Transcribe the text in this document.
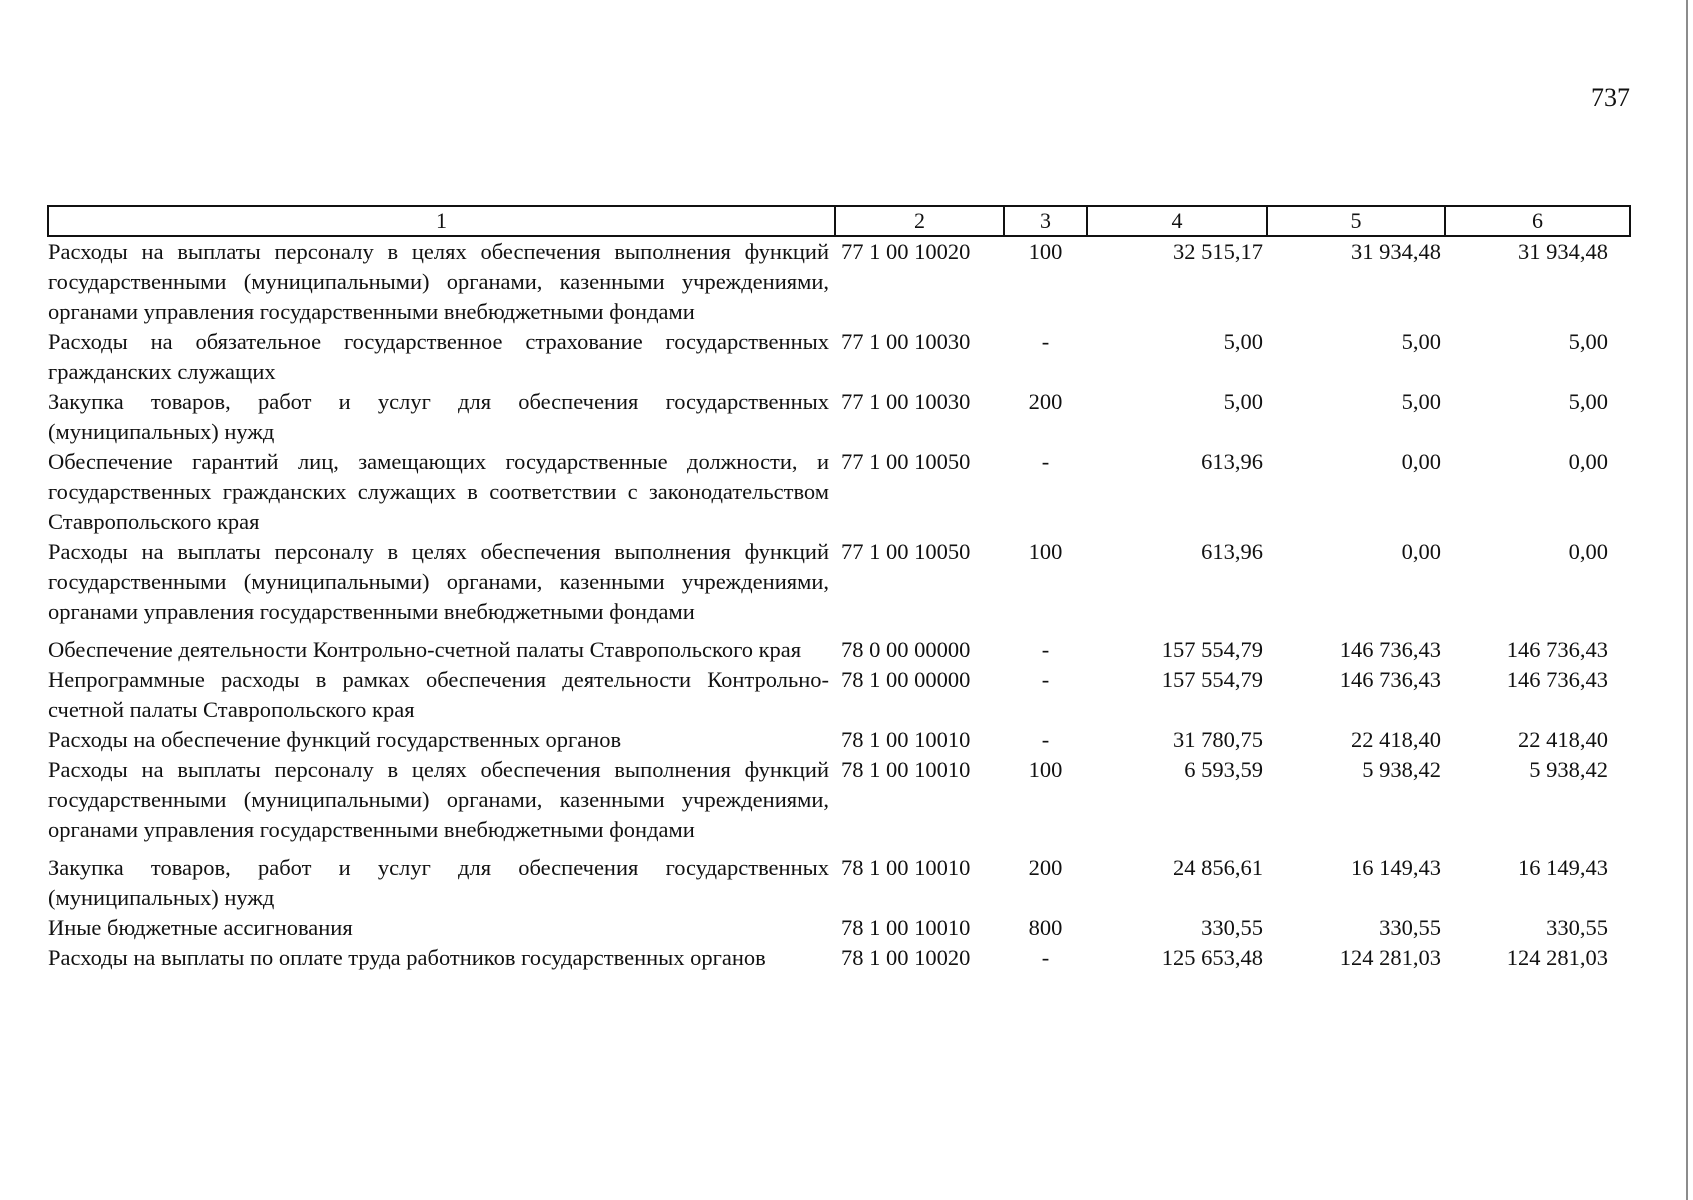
737
1	2	3	4	5	6
Расходы на выплаты персоналу в целях обеспечения выполнения функций государственными (муниципальными) органами, казенными учреждениями, органами управления государственными внебюджетными фондами	77 1 00 10020	100	32 515,17	31 934,48	31 934,48
Расходы на обязательное государственное страхование государственных гражданских служащих	77 1 00 10030	-	5,00	5,00	5,00
Закупка товаров, работ и услуг для обеспечения государственных (муниципальных) нужд	77 1 00 10030	200	5,00	5,00	5,00
Обеспечение гарантий лиц, замещающих государственные должности, и государственных гражданских служащих в соответствии с законодательством Ставропольского края	77 1 00 10050	-	613,96	0,00	0,00
Расходы на выплаты персоналу в целях обеспечения выполнения функций государственными (муниципальными) органами, казенными учреждениями, органами управления государственными внебюджетными фондами	77 1 00 10050	100	613,96	0,00	0,00
Обеспечение деятельности Контрольно-счетной палаты Ставропольского края	78 0 00 00000	-	157 554,79	146 736,43	146 736,43
Непрограммные расходы в рамках обеспечения деятельности Контрольно-счетной палаты Ставропольского края	78 1 00 00000	-	157 554,79	146 736,43	146 736,43
Расходы на обеспечение функций государственных органов	78 1 00 10010	-	31 780,75	22 418,40	22 418,40
Расходы на выплаты персоналу в целях обеспечения выполнения функций государственными (муниципальными) органами, казенными учреждениями, органами управления государственными внебюджетными фондами	78 1 00 10010	100	6 593,59	5 938,42	5 938,42
Закупка товаров, работ и услуг для обеспечения государственных (муниципальных) нужд	78 1 00 10010	200	24 856,61	16 149,43	16 149,43
Иные бюджетные ассигнования	78 1 00 10010	800	330,55	330,55	330,55
Расходы на выплаты по оплате труда работников государственных органов	78 1 00 10020	-	125 653,48	124 281,03	124 281,03
